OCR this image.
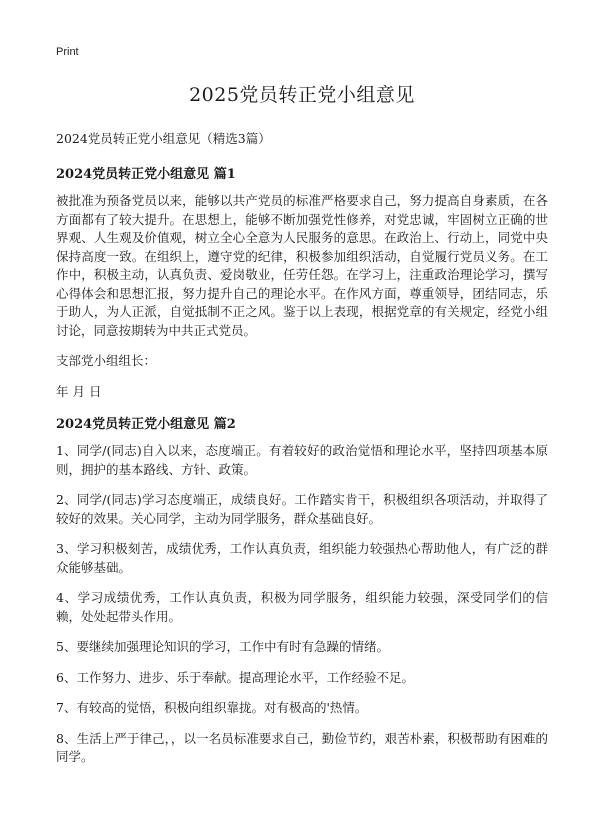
Print
2025党员转正党小组意见

2024党员转正党小组意见（精选3篇）

2024党员转正党小组意见 篇1

被批准为预备党员以来，能够以共产党员的标准严格要求自己，努力提高自身素质，在各方面都有了较大提升。在思想上，能够不断加强党性修养，对党忠诚，牢固树立正确的世界观、人生观及价值观，树立全心全意为人民服务的意思。在政治上、行动上，同党中央保持高度一致。在组织上，遵守党的纪律，积极参加组织活动，自觉履行党员义务。在工作中，积极主动，认真负责、爱岗敬业，任劳任怨。在学习上，注重政治理论学习，撰写心得体会和思想汇报，努力提升自己的理论水平。在作风方面，尊重领导，团结同志，乐于助人，为人正派，自觉抵制不正之风。鉴于以上表现，根据党章的有关规定，经党小组讨论，同意按期转为中共正式党员。

支部党小组组长：

年 月 日

2024党员转正党小组意见 篇2

1、同学/(同志)自入以来，态度端正。有着较好的政治觉悟和理论水平，坚持四项基本原则，拥护的基本路线、方针、政策。

2、同学/(同志)学习态度端正，成绩良好。工作踏实肯干，积极组织各项活动，并取得了较好的效果。关心同学，主动为同学服务，群众基础良好。

3、学习积极刻苦，成绩优秀，工作认真负责，组织能力较强热心帮助他人，有广泛的群众能够基础。

4、学习成绩优秀，工作认真负责，积极为同学服务，组织能力较强，深受同学们的信赖，处处起带头作用。

5、要继续加强理论知识的学习，工作中有时有急躁的情绪。

6、工作努力、进步、乐于奉献。提高理论水平，工作经验不足。

7、有较高的觉悟，积极向组织靠拢。对有极高的'热情。

8、生活上严于律己，，以一名员标准要求自己，勤俭节约，艰苦朴素，积极帮助有困难的同学。
